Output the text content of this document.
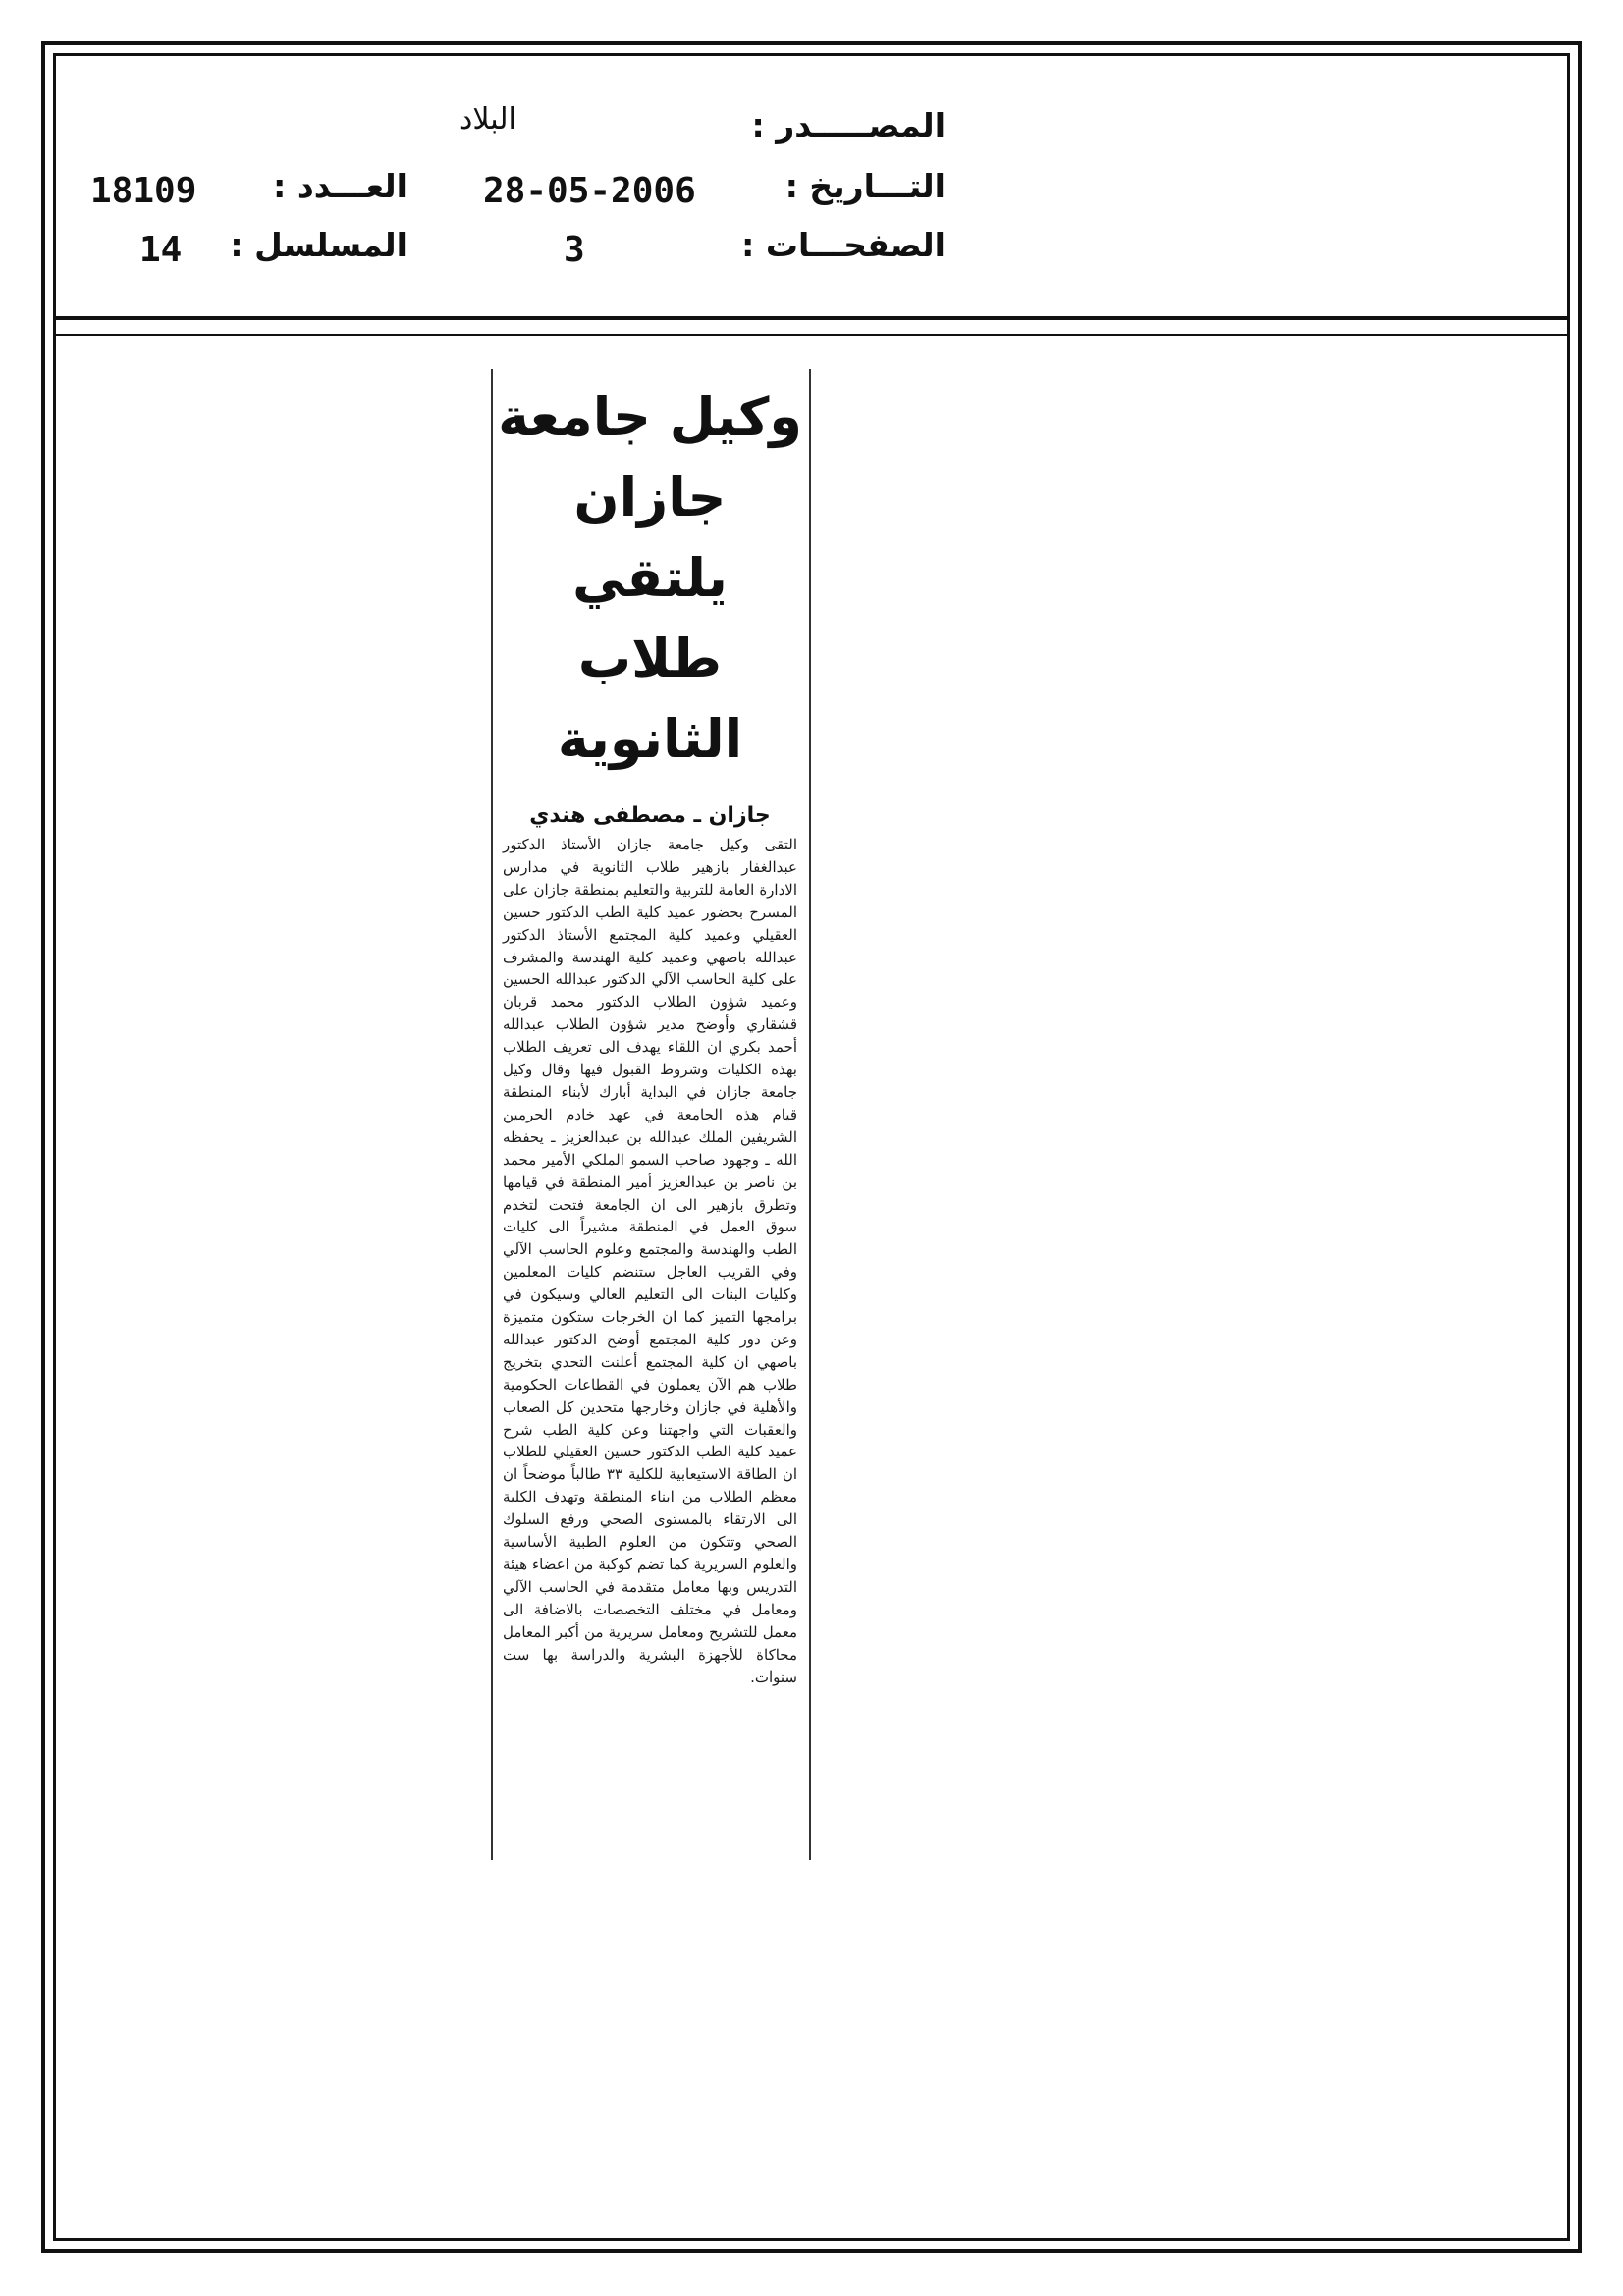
المصـــــدر :
التـــاريخ :
الصفحـــات :
البلاد
28-05-2006
3
العـــدد :
المسلسل :
18109
14
وكيل جامعة جازان
يلتقي طلاب الثانوية
جازان ـ مصطفى هندي
التقى وكيل جامعة جازان الأستاذ الدكتور عبدالغفار بازهير طلاب الثانوية في مدارس الادارة العامة للتربية والتعليم بمنطقة جازان على المسرح بحضور عميد كلية الطب الدكتور حسين العقيلي وعميد كلية المجتمع الأستاذ الدكتور عبدالله باصهي وعميد كلية الهندسة والمشرف على كلية الحاسب الآلي الدكتور عبدالله الحسين وعميد شؤون الطلاب الدكتور محمد قربان قشقاري وأوضح مدير شؤون الطلاب عبدالله أحمد بكري ان اللقاء يهدف الى تعريف الطلاب بهذه الكليات وشروط القبول فيها وقال وكيل جامعة جازان في البداية أبارك لأبناء المنطقة قيام هذه الجامعة في عهد خادم الحرمين الشريفين الملك عبدالله بن عبدالعزيز ـ يحفظه الله ـ وجهود صاحب السمو الملكي الأمير محمد بن ناصر بن عبدالعزيز أمير المنطقة في قيامها وتطرق بازهير الى ان الجامعة فتحت لتخدم سوق العمل في المنطقة مشيراً الى كليات الطب والهندسة والمجتمع وعلوم الحاسب الآلي وفي القريب العاجل ستنضم كليات المعلمين وكليات البنات الى التعليم العالي وسيكون في برامجها التميز كما ان الخرجات ستكون متميزة وعن دور كلية المجتمع أوضح الدكتور عبدالله باصهي ان كلية المجتمع أعلنت التحدي بتخريج طلاب هم الآن يعملون في القطاعات الحكومية والأهلية في جازان وخارجها متحدين كل الصعاب والعقبات التي واجهتنا وعن كلية الطب شرح عميد كلية الطب الدكتور حسين العقيلي للطلاب ان الطاقة الاستيعابية للكلية ٣٣ طالباً موضحاً ان معظم الطلاب من ابناء المنطقة وتهدف الكلية الى الارتقاء بالمستوى الصحي ورفع السلوك الصحي وتتكون من العلوم الطبية الأساسية والعلوم السريرية كما تضم كوكبة من اعضاء هيئة التدريس وبها معامل متقدمة في الحاسب الآلي ومعامل في مختلف التخصصات بالاضافة الى معمل للتشريح ومعامل سريرية من أكبر المعامل محاكاة للأجهزة البشرية والدراسة بها ست سنوات.
